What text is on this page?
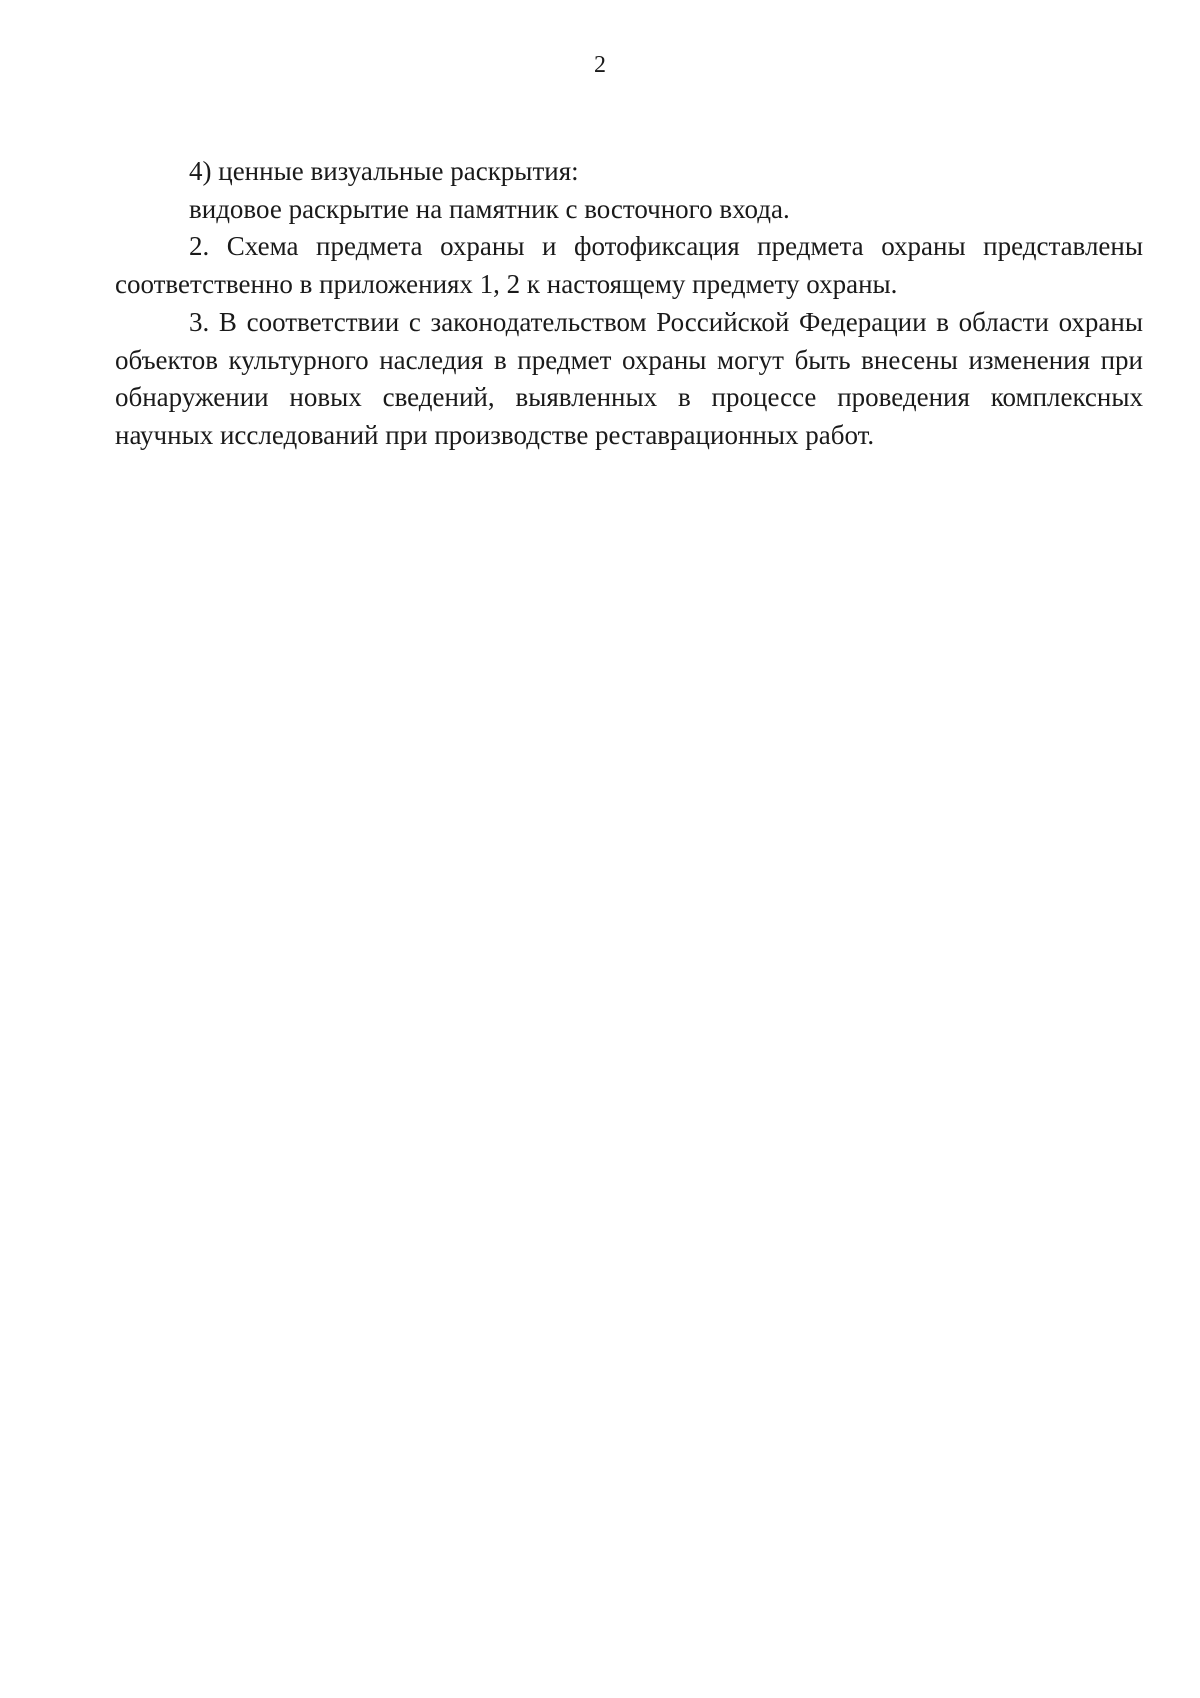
2

4) ценные визуальные раскрытия:

видовое раскрытие на памятник с восточного входа.

2. Схема предмета охраны и фотофиксация предмета охраны представлены соответственно в приложениях 1, 2 к настоящему предмету охраны.

3. В соответствии с законодательством Российской Федерации в области охраны объектов культурного наследия в предмет охраны могут быть внесены изменения при обнаружении новых сведений, выявленных в процессе проведения комплексных научных исследований при производстве реставрационных работ.
